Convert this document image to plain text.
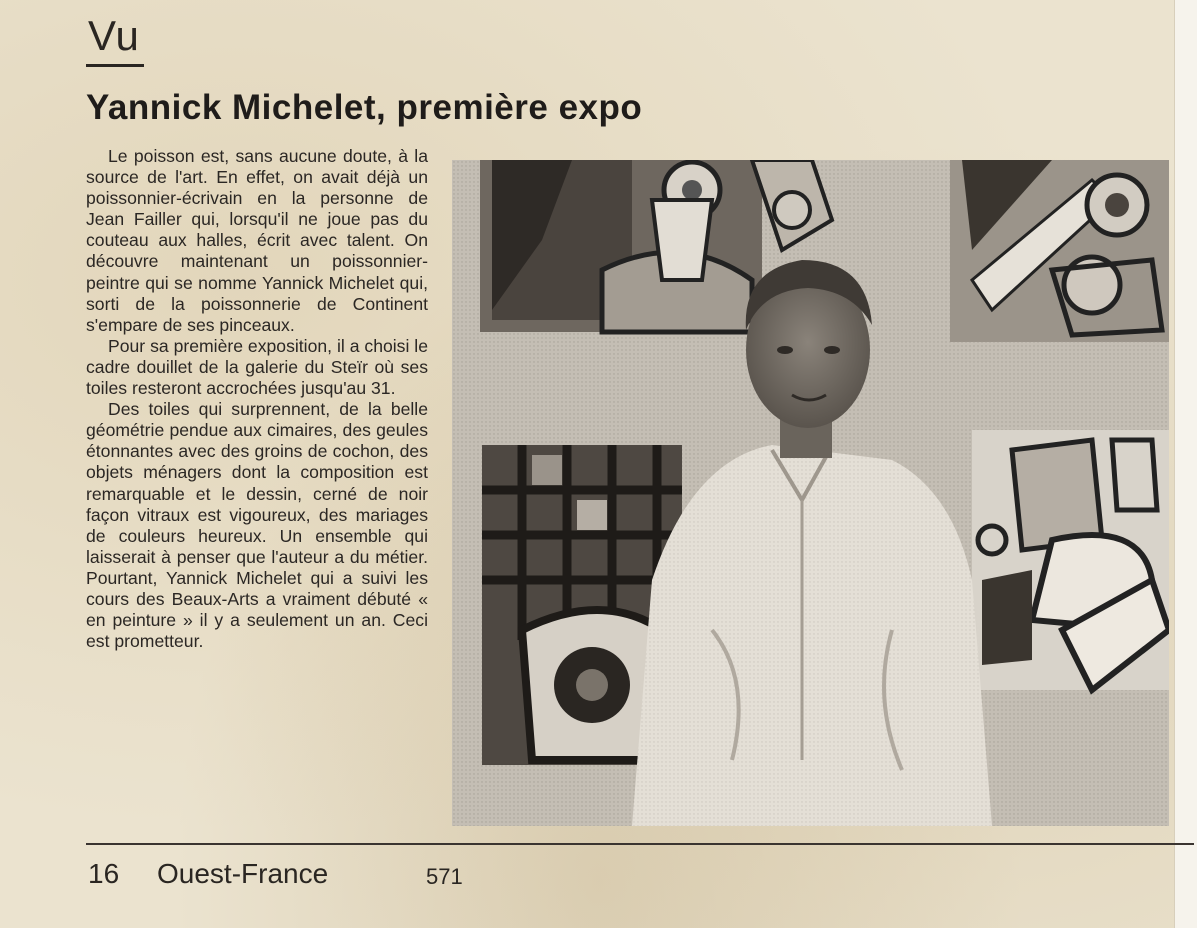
Vu
Yannick Michelet, première expo

Le poisson est, sans aucune doute, à la source de l'art. En effet, on avait déjà un poissonnier-écrivain en la personne de Jean Failler qui, lorsqu'il ne joue pas du couteau aux halles, écrit avec talent. On découvre maintenant un poissonnier-peintre qui se nomme Yannick Michelet qui, sorti de la poissonnerie de Continent s'empare de ses pinceaux.

Pour sa première exposition, il a choisi le cadre douillet de la galerie du Steïr où ses toiles resteront accrochées jusqu'au 31.

Des toiles qui surprennent, de la belle géométrie pendue aux cimaires, des geules étonnantes avec des groins de cochon, des objets ménagers dont la composition est remarquable et le dessin, cerné de noir façon vitraux est vigoureux, des mariages de couleurs heureux. Un ensemble qui laisserait à penser que l'auteur a du métier. Pourtant, Yannick Michelet qui a suivi les cours des Beaux-Arts a vraiment débuté « en peinture » il y a seulement un an. Ceci est prometteur.

16 Ouest-France	571
